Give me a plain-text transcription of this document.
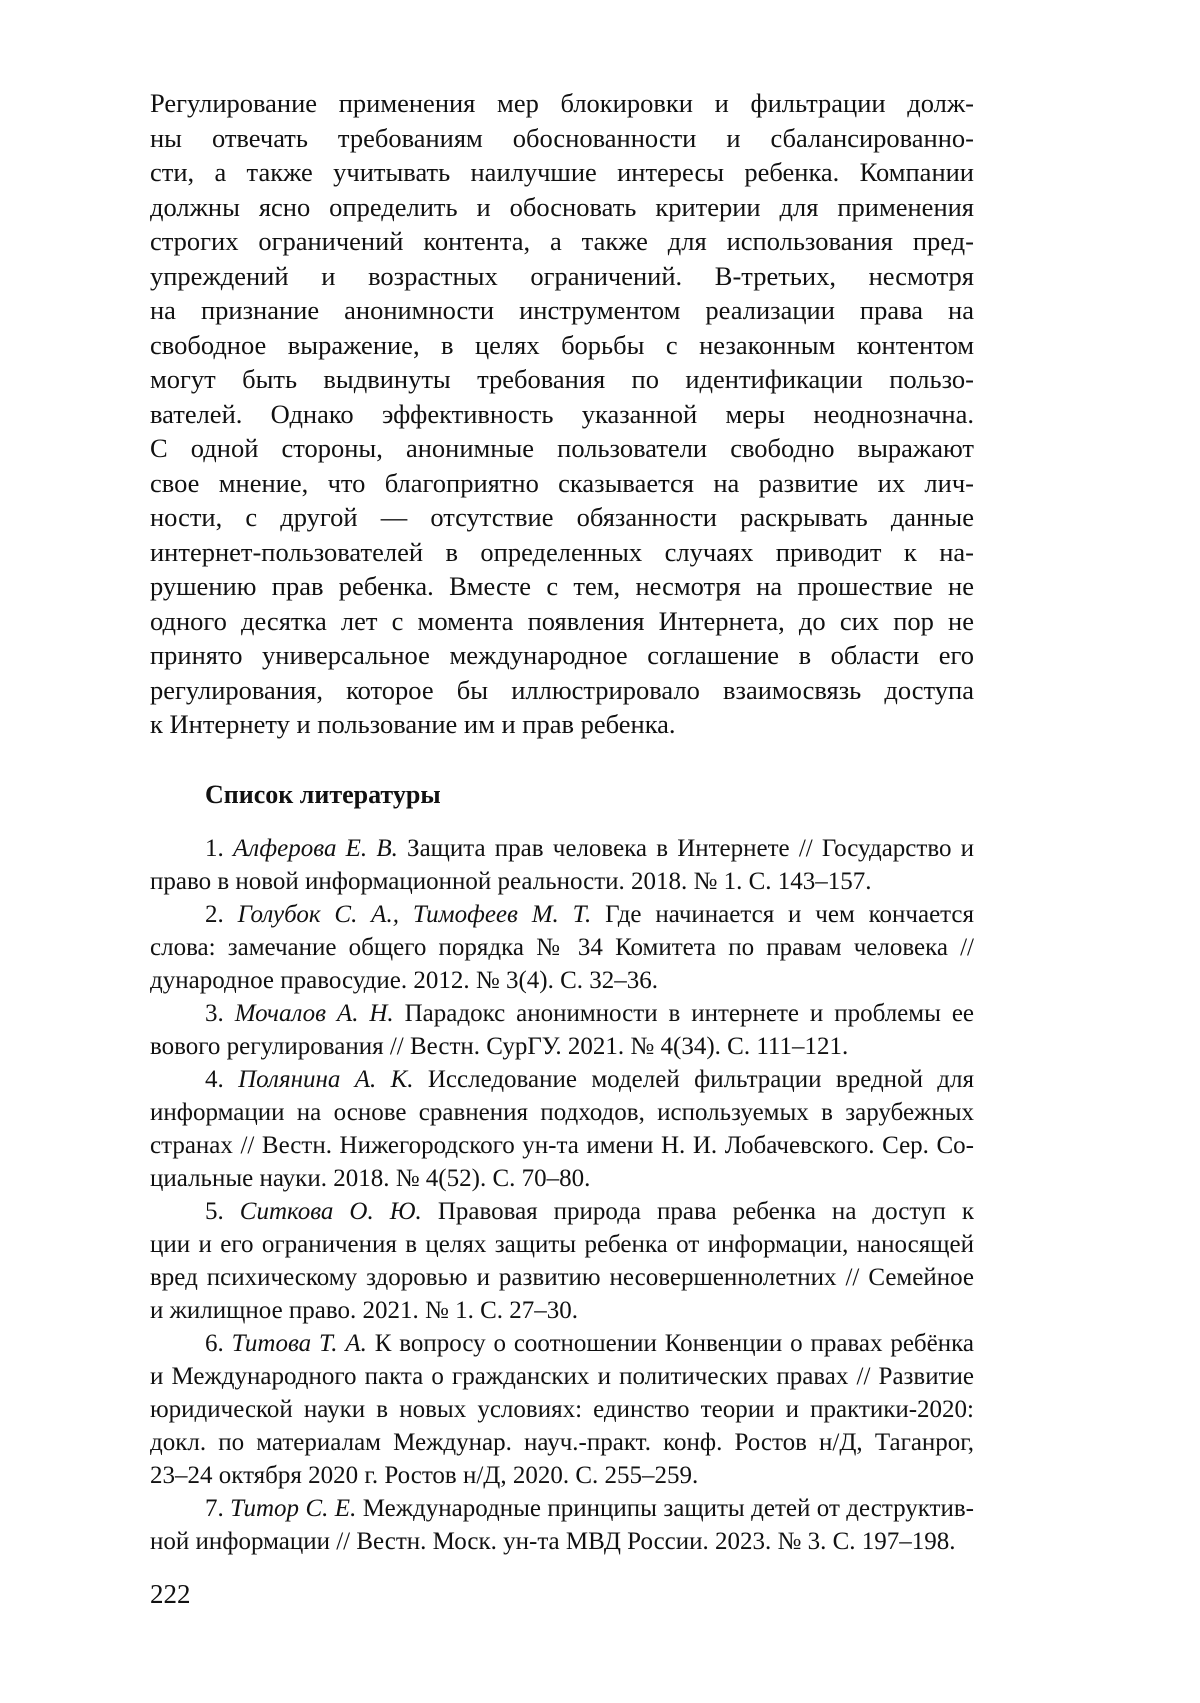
Регулирование применения мер блокировки и фильтрации долж-
ны отвечать требованиям обоснованности и сбалансированно-
сти, а также учитывать наилучшие интересы ребенка. Компании
должны ясно определить и обосновать критерии для применения
строгих ограничений контента, а также для использования пред-
упреждений и возрастных ограничений. В-третьих, несмотря
на признание анонимности инструментом реализации права на
свободное выражение, в целях борьбы с незаконным контентом
могут быть выдвинуты требования по идентификации пользо-
вателей. Однако эффективность указанной меры неоднозначна.
С одной стороны, анонимные пользователи свободно выражают
свое мнение, что благоприятно сказывается на развитие их лич-
ности, с другой — отсутствие обязанности раскрывать данные
интернет-пользователей в определенных случаях приводит к на-
рушению прав ребенка. Вместе с тем, несмотря на прошествие не
одного десятка лет с момента появления Интернета, до сих пор не
принято универсальное международное соглашение в области его
регулирования, которое бы иллюстрировало взаимосвязь доступа
к Интернету и пользование им и прав ребенка.
Список литературы
1. Алферова Е. В. Защита прав человека в Интернете // Государство и
право в новой информационной реальности. 2018. № 1. С. 143–157.
2. Голубок С. А., Тимофеев М. Т. Где начинается и чем кончается
слова: замечание общего порядка № 34 Комитета по правам человека //
дународное правосудие. 2012. № 3(4). С. 32–36.
3. Мочалов А. Н. Парадокс анонимности в интернете и проблемы ее
вового регулирования // Вестн. СурГУ. 2021. № 4(34). С. 111–121.
4. Полянина А. К. Исследование моделей фильтрации вредной для
информации на основе сравнения подходов, используемых в зарубежных
странах // Вестн. Нижегородского ун-та имени Н. И. Лобачевского. Сер. Со-
циальные науки. 2018. № 4(52). С. 70–80.
5. Ситкова О. Ю. Правовая природа права ребенка на доступ к
ции и его ограничения в целях защиты ребенка от информации, наносящей
вред психическому здоровью и развитию несовершеннолетних // Семейное
и жилищное право. 2021. № 1. С. 27–30.
6. Титова Т. А. К вопросу о соотношении Конвенции о правах ребёнка
и Международного пакта о гражданских и политических правах // Развитие
юридической науки в новых условиях: единство теории и практики-2020:
докл. по материалам Междунар. науч.-практ. конф. Ростов н/Д, Таганрог,
23–24 октября 2020 г. Ростов н/Д, 2020. С. 255–259.
7. Титор С. Е. Международные принципы защиты детей от деструктив-
ной информации // Вестн. Моск. ун-та МВД России. 2023. № 3. С. 197–198.
222
